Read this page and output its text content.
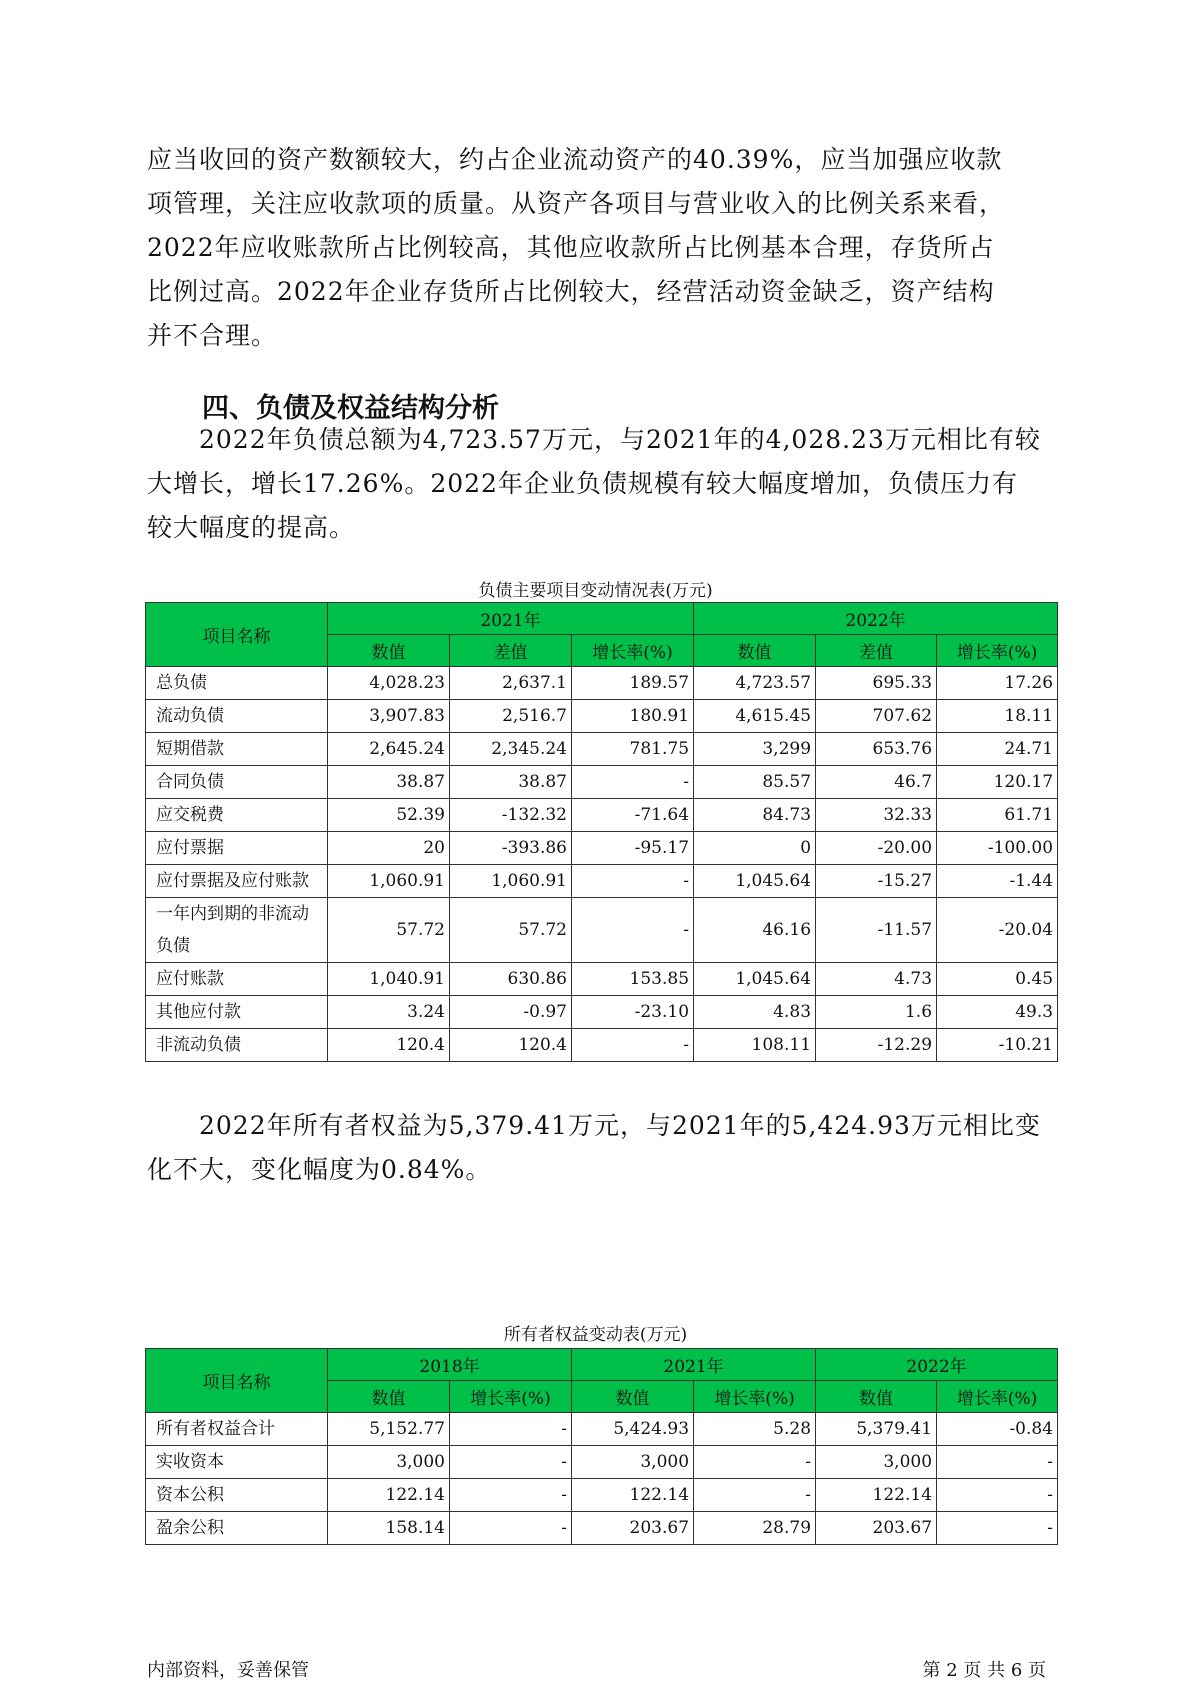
应当收回的资产数额较大，约占企业流动资产的40.39%，应当加强应收款

项管理，关注应收款项的质量。从资产各项目与营业收入的比例关系来看，

2022年应收账款所占比例较高，其他应收款所占比例基本合理，存货所占

比例过高。2022年企业存货所占比例较大，经营活动资金缺乏，资产结构

并不合理。

四、负债及权益结构分析

2022年负债总额为4,723.57万元，与2021年的4,028.23万元相比有较

大增长，增长17.26%。2022年企业负债规模有较大幅度增加，负债压力有

较大幅度的提高。

负债主要项目变动情况表(万元)
项目名称	2021年			2022年		
	数值	差值	增长率(%)	数值	差值	增长率(%)
总负债	4,028.23	2,637.1	189.57	4,723.57	695.33	17.26
流动负债	3,907.83	2,516.7	180.91	4,615.45	707.62	18.11
短期借款	2,645.24	2,345.24	781.75	3,299	653.76	24.71
合同负债	38.87	38.87	-	85.57	46.7	120.17
应交税费	52.39	-132.32	-71.64	84.73	32.33	61.71
应付票据	20	-393.86	-95.17	0	-20.00	-100.00
应付票据及应付账款	1,060.91	1,060.91	-	1,045.64	-15.27	-1.44
一年内到期的非流动负债	57.72	57.72	-	46.16	-11.57	-20.04
应付账款	1,040.91	630.86	153.85	1,045.64	4.73	0.45
其他应付款	3.24	-0.97	-23.10	4.83	1.6	49.3
非流动负债	120.4	120.4	-	108.11	-12.29	-10.21

2022年所有者权益为5,379.41万元，与2021年的5,424.93万元相比变

化不大，变化幅度为0.84%。

所有者权益变动表(万元)
项目名称	2018年		2021年		2022年	
	数值	增长率(%)	数值	增长率(%)	数值	增长率(%)
所有者权益合计	5,152.77	-	5,424.93	5.28	5,379.41	-0.84
实收资本	3,000	-	3,000	-	3,000	-
资本公积	122.14	-	122.14	-	122.14	-
盈余公积	158.14	-	203.67	28.79	203.67	-
内部资料，妥善保管	第 2 页 共 6 页
